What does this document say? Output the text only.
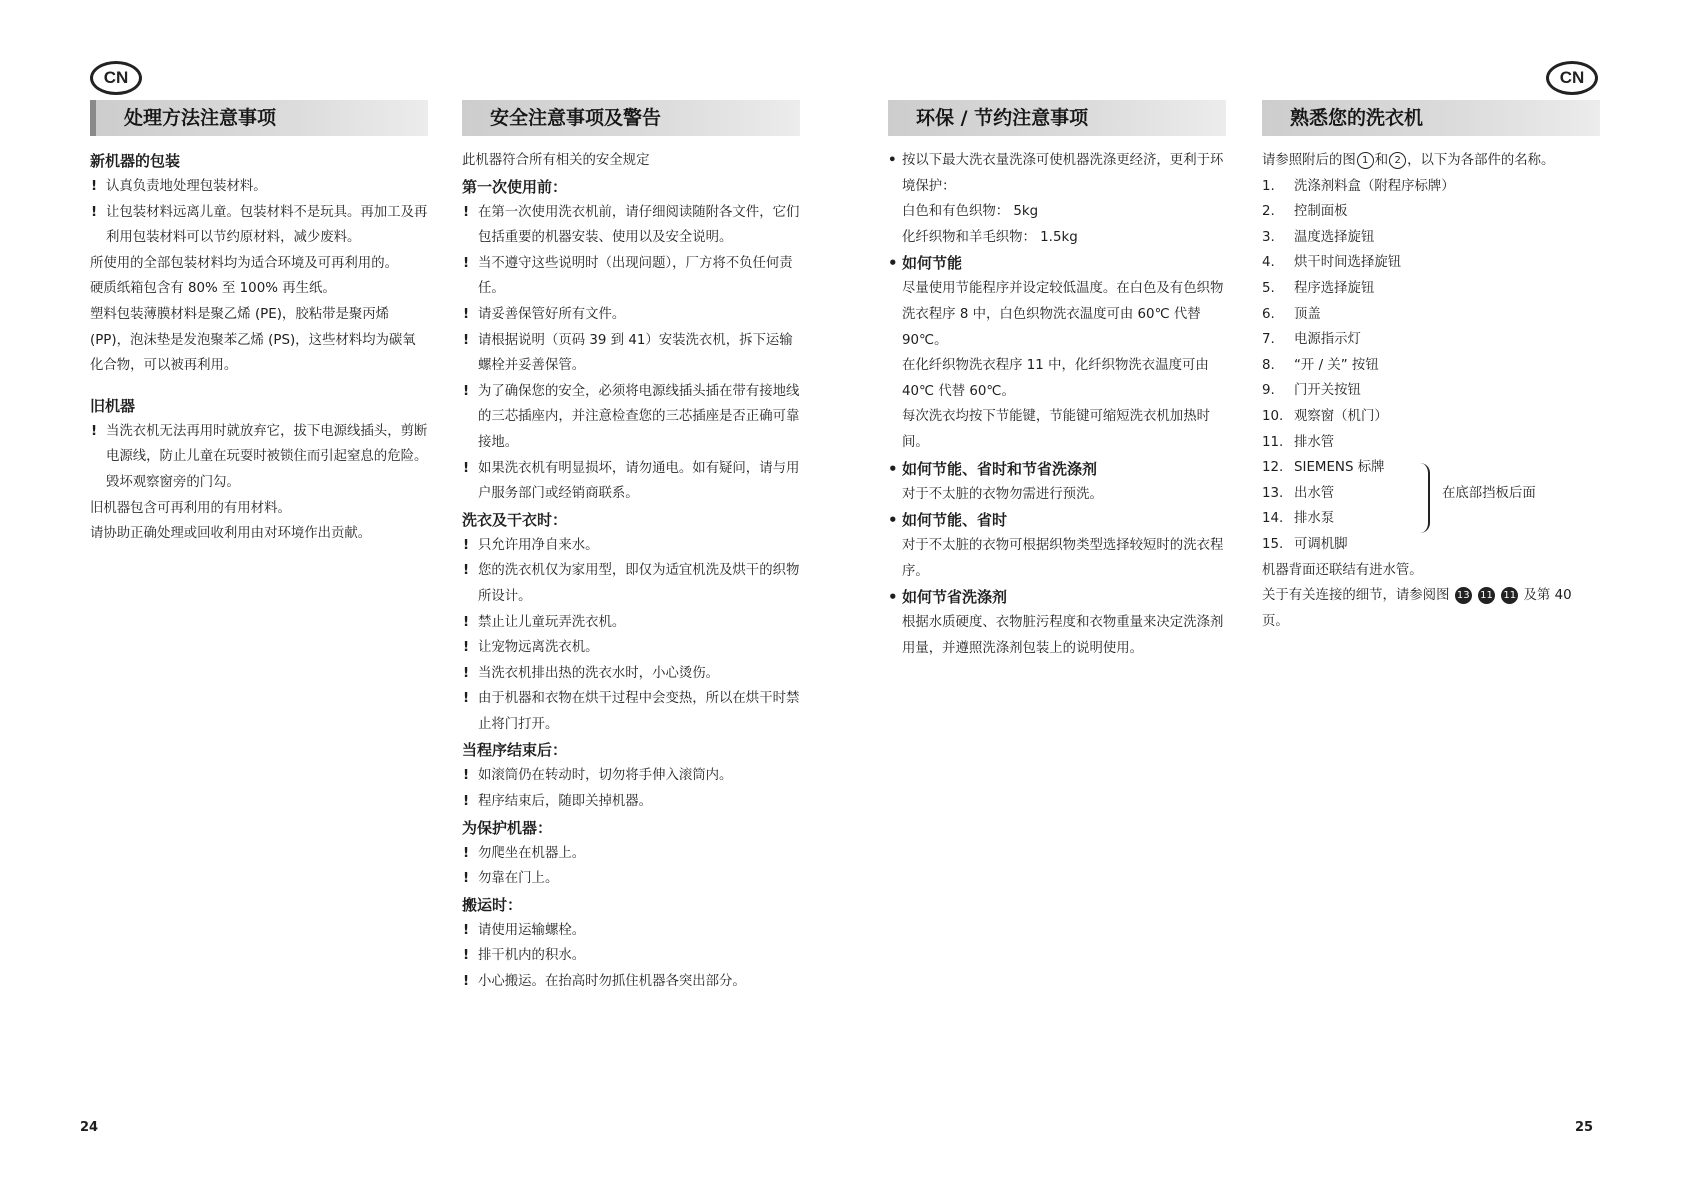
CN	CN
处理方法注意事项
新机器的包装
! 认真负责地处理包装材料。
! 让包装材料远离儿童。包装材料不是玩具。再加工及再利用包装材料可以节约原材料，减少废料。
所使用的全部包装材料均为适合环境及可再利用的。
硬质纸箱包含有 80% 至 100% 再生纸。
塑料包装薄膜材料是聚乙烯 (PE)，胶粘带是聚丙烯 (PP)，泡沫垫是发泡聚苯乙烯 (PS)，这些材料均为碳氧化合物，可以被再利用。
旧机器
! 当洗衣机无法再用时就放弃它，拔下电源线插头，剪断电源线，防止儿童在玩耍时被锁住而引起窒息的危险。毁坏观察窗旁的门勾。
旧机器包含可再利用的有用材料。
请协助正确处理或回收利用由对环境作出贡献。
安全注意事项及警告
此机器符合所有相关的安全规定
第一次使用前：
! 在第一次使用洗衣机前，请仔细阅读随附各文件，它们包括重要的机器安装、使用以及安全说明。
! 当不遵守这些说明时（出现问题），厂方将不负任何责任。
! 请妥善保管好所有文件。
! 请根据说明（页码 39 到 41）安装洗衣机，拆下运输螺栓并妥善保管。
! 为了确保您的安全，必须将电源线插头插在带有接地线的三芯插座内，并注意检查您的三芯插座是否正确可靠接地。
! 如果洗衣机有明显损坏，请勿通电。如有疑问，请与用户服务部门或经销商联系。
洗衣及干衣时：
! 只允许用净自来水。
! 您的洗衣机仅为家用型，即仅为适宜机洗及烘干的织物所设计。
! 禁止让儿童玩弄洗衣机。
! 让宠物远离洗衣机。
! 当洗衣机排出热的洗衣水时，小心烫伤。
! 由于机器和衣物在烘干过程中会变热，所以在烘干时禁止将门打开。
当程序结束后：
! 如滚筒仍在转动时，切勿将手伸入滚筒内。
! 程序结束后，随即关掉机器。
为保护机器：
! 勿爬坐在机器上。
! 勿靠在门上。
搬运时：
! 请使用运输螺栓。
! 排干机内的积水。
! 小心搬运。在抬高时勿抓住机器各突出部分。
环保 / 节约注意事项
• 按以下最大洗衣量洗涤可使机器洗涤更经济，更利于环境保护：
白色和有色织物： 5kg
化纤织物和羊毛织物： 1.5kg
• 如何节能
尽量使用节能程序并设定较低温度。在白色及有色织物洗衣程序 8 中，白色织物洗衣温度可由 60℃ 代替 90℃。
在化纤织物洗衣程序 11 中，化纤织物洗衣温度可由 40℃ 代替 60℃。
每次洗衣均按下节能键，节能键可缩短洗衣机加热时间。
• 如何节能、省时和节省洗涤剂
对于不太脏的衣物勿需进行预洗。
• 如何节能、省时
对于不太脏的衣物可根据织物类型选择较短时的洗衣程序。
• 如何节省洗涤剂
根据水质硬度、衣物脏污程度和衣物重量来决定洗涤剂用量，并遵照洗涤剂包装上的说明使用。
熟悉您的洗衣机
请参照附后的图 1 和 2 ，以下为各部件的名称。
1.	洗涤剂料盒（附程序标牌）
2.	控制面板
3.	温度选择旋钮
4.	烘干时间选择旋钮
5.	程序选择旋钮
6.	顶盖
7.	电源指示灯
8.	“开 / 关” 按钮
9.	门开关按钮
10. 观察窗（机门）
11. 排水管
12. SIEMENS 标牌
13. 出水管
14. 排水泵
在底部挡板后面
15. 可调机脚
机器背面还联结有进水管。
关于有关连接的细节，请参阅图 13 11 11 及第 40 页。
24	25
